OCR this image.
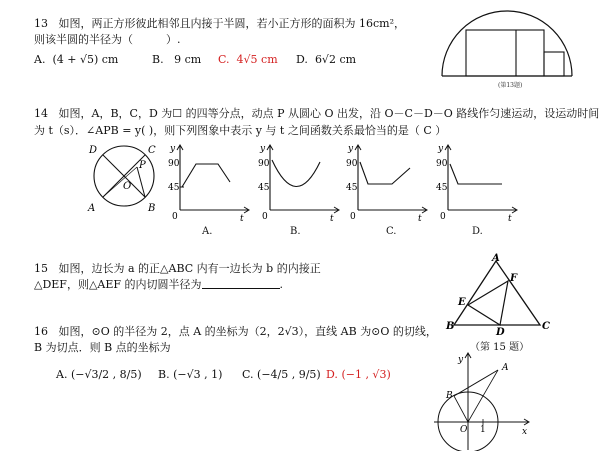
13 如图，两正方形彼此相邻且内接于半圆，若小正方形的面积为 16cm²，
则该半圆的半径为（　　　）.
A. (4 + √5) cm	B. 9 cm C. 4√5 cm D. 6√2 cm
(第13题)
14 如图，A，B，C，D 为☐ 的四等分点，动点 P 从圆心 O 出发，沿 O－C－D－O 路线作匀速运动，设运动时间
为 t（s）．∠APB = y( )，则下列图象中表示 y 与 t 之间函数关系最恰当的是（ C ）
D	C
P
O
A	B
y
t
0
90
45
y
t
0
90
45
y
t
0
90
45
y
t
0
90
45
A.	B.	C.	D.
15 如图，边长为 a 的正△ABC 内有一边长为 b 的内接正
△DEF，则△AEF 的内切圆半径为	.
A
F
E
B
D
C
（第 15 题）
16 如图，⊙O 的半径为 2，点 A 的坐标为（2，2√3），直线 AB 为⊙O 的切线，
B 为切点．则 B 点的坐标为
A. (−√3/2 , 8/5) B. (−√3 , 1) C. (−4/5 , 9/5) D. (−1 , √3)
y
A
B
O 1	x
